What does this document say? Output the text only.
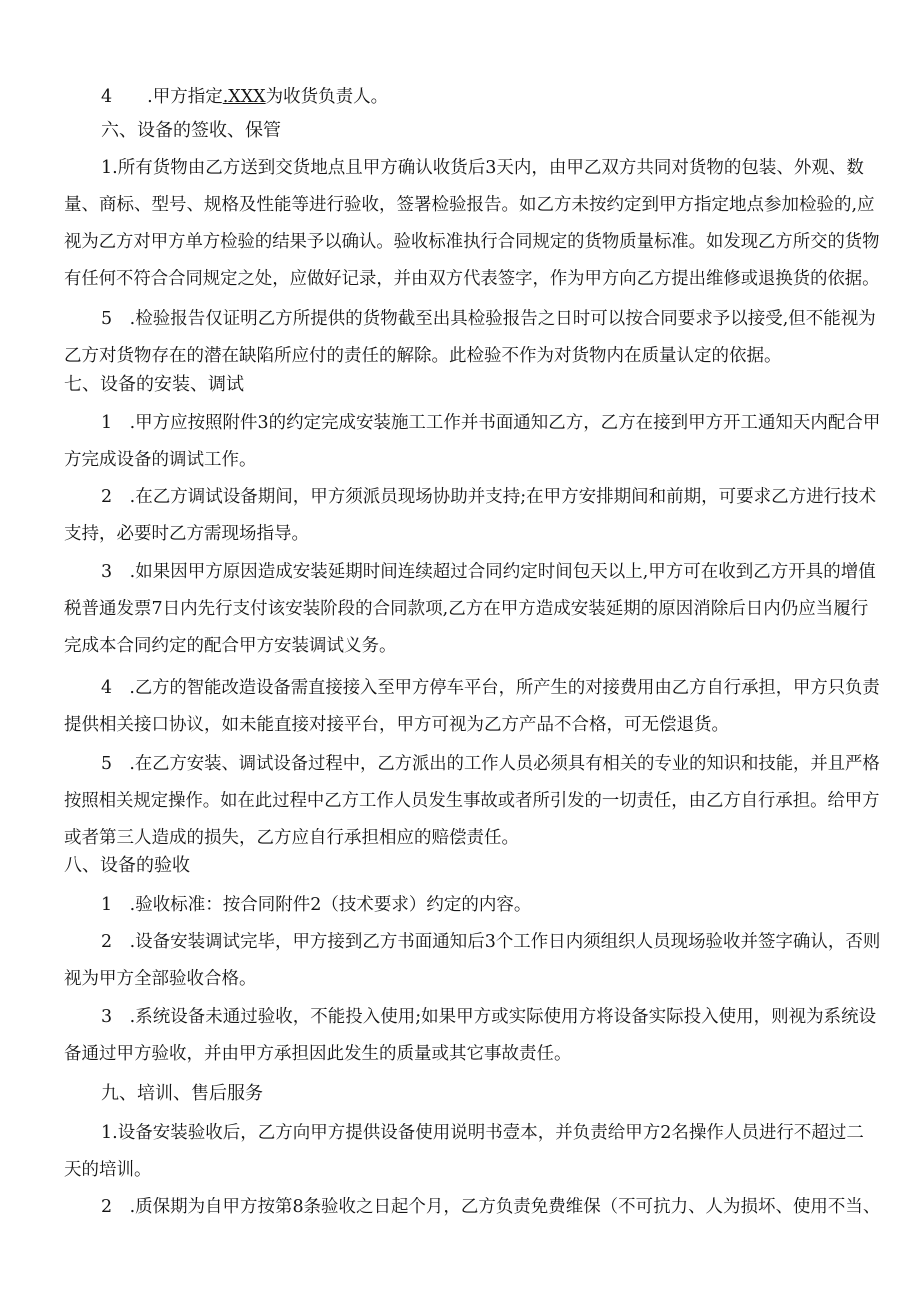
4　　.甲方指定.XXX为收货负责人。
六、设备的签收、保管
1.所有货物由乙方送到交货地点且甲方确认收货后3天内，由甲乙双方共同对货物的包装、外观、数
量、商标、型号、规格及性能等进行验收，签署检验报告。如乙方未按约定到甲方指定地点参加检验的,应
视为乙方对甲方单方检验的结果予以确认。验收标准执行合同规定的货物质量标准。如发现乙方所交的货物
有任何不符合合同规定之处，应做好记录，并由双方代表签字，作为甲方向乙方提出维修或退换货的依据。
5　.检验报告仅证明乙方所提供的货物截至出具检验报告之日时可以按合同要求予以接受,但不能视为
乙方对货物存在的潜在缺陷所应付的责任的解除。此检验不作为对货物内在质量认定的依据。
七、设备的安装、调试
1　.甲方应按照附件3的约定完成安装施工工作并书面通知乙方，乙方在接到甲方开工通知天内配合甲
方完成设备的调试工作。
2　.在乙方调试设备期间，甲方须派员现场协助并支持;在甲方安排期间和前期，可要求乙方进行技术
支持，必要时乙方需现场指导。
3　.如果因甲方原因造成安装延期时间连续超过合同约定时间包天以上,甲方可在收到乙方开具的增值
税普通发票7日内先行支付该安装阶段的合同款项,乙方在甲方造成安装延期的原因消除后日内仍应当履行
完成本合同约定的配合甲方安装调试义务。
4　.乙方的智能改造设备需直接接入至甲方停车平台，所产生的对接费用由乙方自行承担，甲方只负责
提供相关接口协议，如未能直接对接平台，甲方可视为乙方产品不合格，可无偿退货。
5　.在乙方安装、调试设备过程中，乙方派出的工作人员必须具有相关的专业的知识和技能，并且严格
按照相关规定操作。如在此过程中乙方工作人员发生事故或者所引发的一切责任，由乙方自行承担。给甲方
或者第三人造成的损失，乙方应自行承担相应的赔偿责任。
八、设备的验收
1　.验收标准：按合同附件2（技术要求）约定的内容。
2　.设备安装调试完毕，甲方接到乙方书面通知后3个工作日内须组织人员现场验收并签字确认，否则
视为甲方全部验收合格。
3　.系统设备未通过验收，不能投入使用;如果甲方或实际使用方将设备实际投入使用，则视为系统设
备通过甲方验收，并由甲方承担因此发生的质量或其它事故责任。
九、培训、售后服务
1.设备安装验收后，乙方向甲方提供设备使用说明书壹本，并负责给甲方2名操作人员进行不超过二
天的培训。
2　.质保期为自甲方按第8条验收之日起个月，乙方负责免费维保（不可抗力、人为损坏、使用不当、
